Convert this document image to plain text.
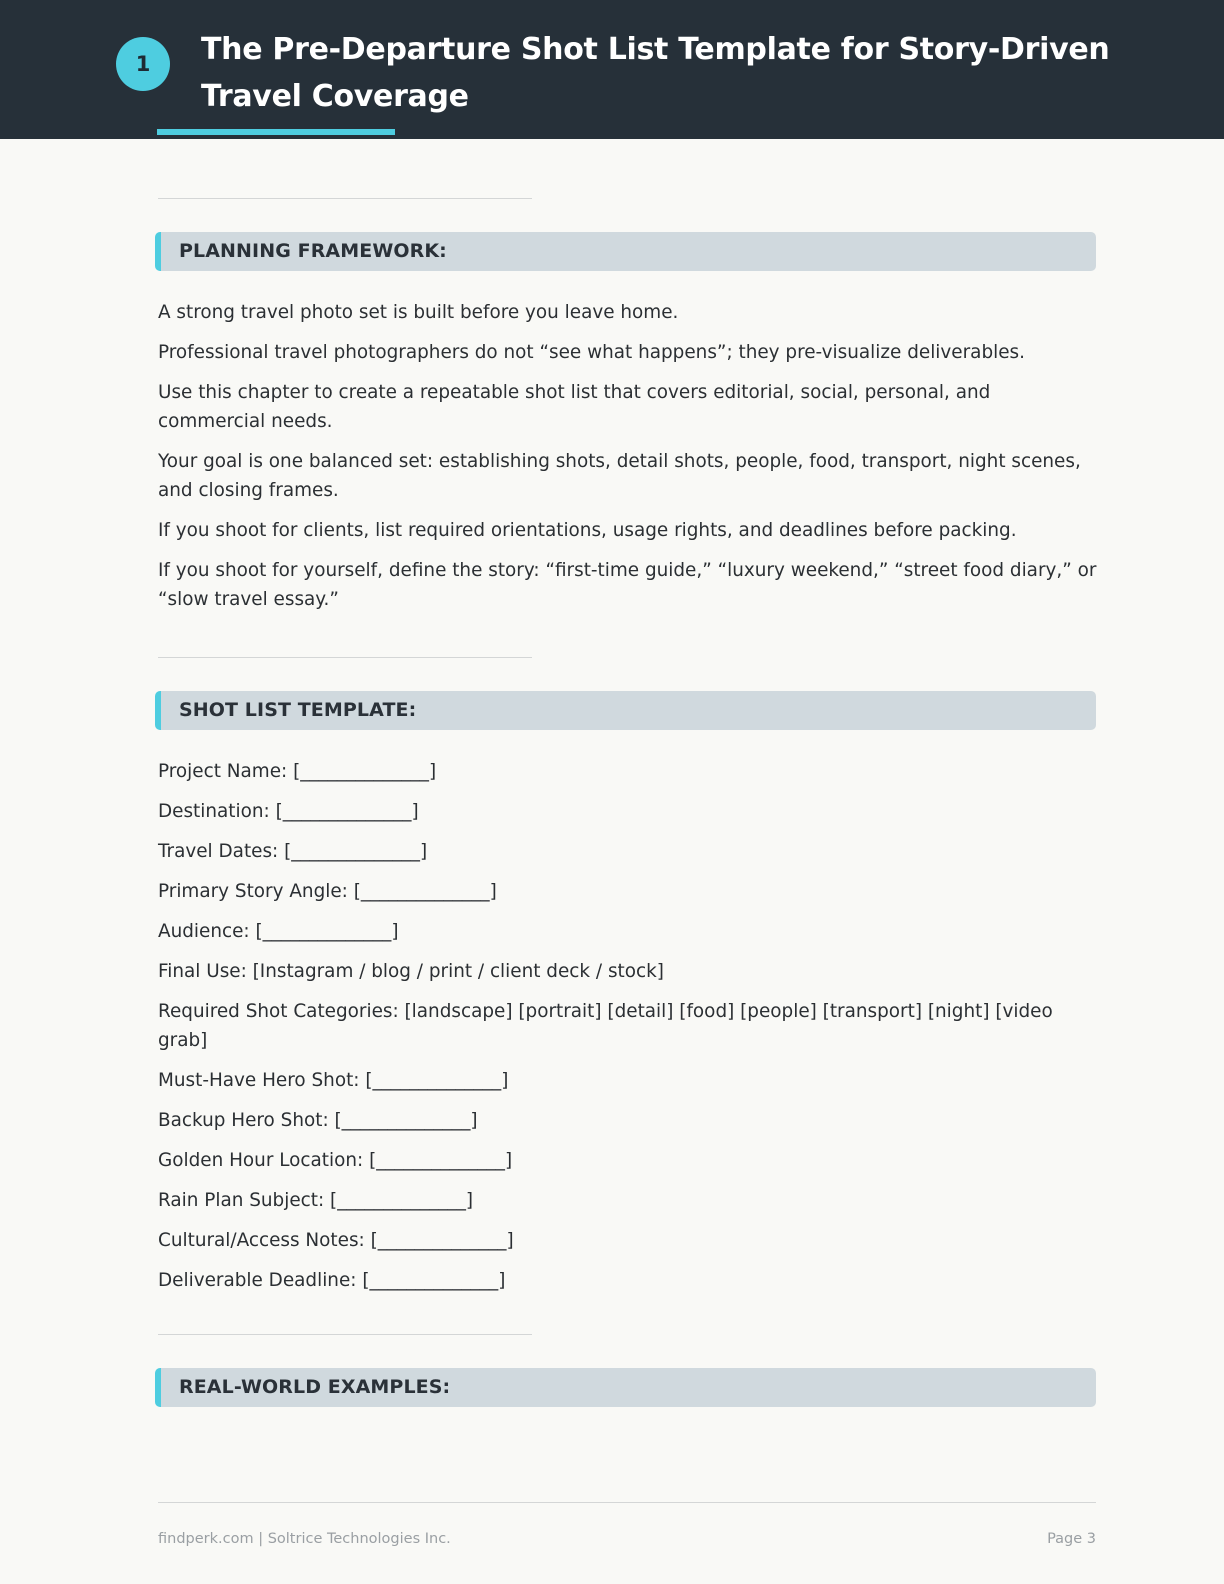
1	The Pre-Departure Shot List Template for Story-Driven Travel Coverage
PLANNING FRAMEWORK:

A strong travel photo set is built before you leave home.

Professional travel photographers do not “see what happens”; they pre-visualize deliverables.

Use this chapter to create a repeatable shot list that covers editorial, social, personal, and commercial needs.

Your goal is one balanced set: establishing shots, detail shots, people, food, transport, night scenes, and closing frames.

If you shoot for clients, list required orientations, usage rights, and deadlines before packing.

If you shoot for yourself, define the story: “first-time guide,” “luxury weekend,” “street food diary,” or “slow travel essay.”

SHOT LIST TEMPLATE:

Project Name: [______________]

Destination: [______________]

Travel Dates: [______________]

Primary Story Angle: [______________]

Audience: [______________]

Final Use: [Instagram / blog / print / client deck / stock]

Required Shot Categories: [landscape] [portrait] [detail] [food] [people] [transport] [night] [video grab]

Must-Have Hero Shot: [______________]

Backup Hero Shot: [______________]

Golden Hour Location: [______________]

Rain Plan Subject: [______________]

Cultural/Access Notes: [______________]

Deliverable Deadline: [______________]

REAL-WORLD EXAMPLES:
findperk.com | Soltrice Technologies Inc.	Page 3
